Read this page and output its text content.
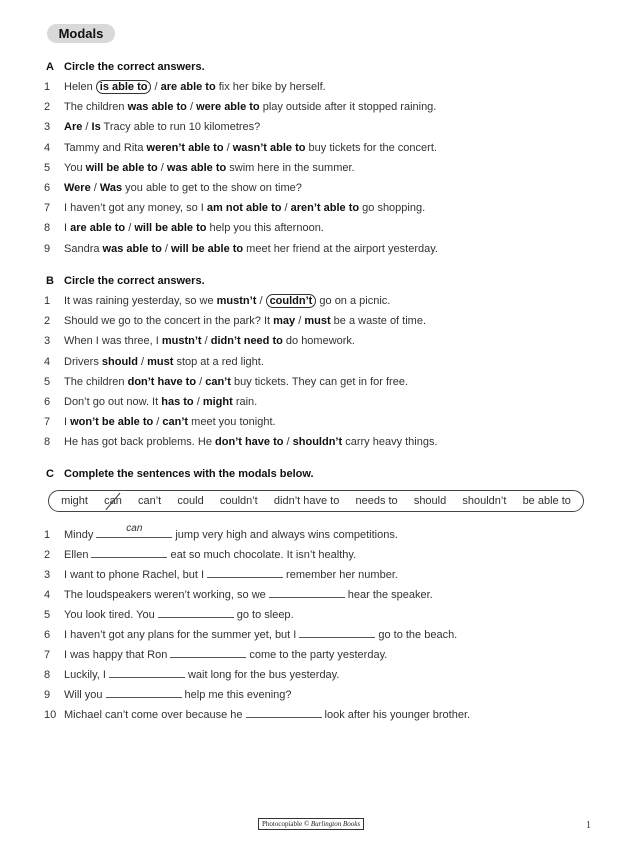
Modals
A Circle the correct answers.
1 Helen is able to / are able to fix her bike by herself.
2 The children was able to / were able to play outside after it stopped raining.
3 Are / Is Tracy able to run 10 kilometres?
4 Tammy and Rita weren’t able to / wasn’t able to buy tickets for the concert.
5 You will be able to / was able to swim here in the summer.
6 Were / Was you able to get to the show on time?
7 I haven’t got any money, so I am not able to / aren’t able to go shopping.
8 I are able to / will be able to help you this afternoon.
9 Sandra was able to / will be able to meet her friend at the airport yesterday.
B Circle the correct answers.
1 It was raining yesterday, so we mustn’t / couldn’t go on a picnic.
2 Should we go to the concert in the park? It may / must be a waste of time.
3 When I was three, I mustn’t / didn’t need to do homework.
4 Drivers should / must stop at a red light.
5 The children don’t have to / can’t buy tickets. They can get in for free.
6 Don’t go out now. It has to / might rain.
7 I won’t be able to / can’t meet you tonight.
8 He has got back problems. He don’t have to / shouldn’t carry heavy things.
C Complete the sentences with the modals below.
might can can’t could couldn’t didn’t have to needs to should shouldn’t be able to
1 Mindy
can
jump very high and always wins competitions.
2 Ellen	eat so much chocolate. It isn’t healthy.
3 I want to phone Rachel, but I	remember her number.
4 The loudspeakers weren’t working, so we	hear the speaker.
5 You look tired. You	go to sleep.
6 I haven’t got any plans for the summer yet, but I	go to the beach.
7 I was happy that Ron	come to the party yesterday.
8 Luckily, I	wait long for the bus yesterday.
9 Will you	help me this evening?
10 Michael can’t come over because he	look after his younger brother.
Photocopiable © Burlington Books	1
